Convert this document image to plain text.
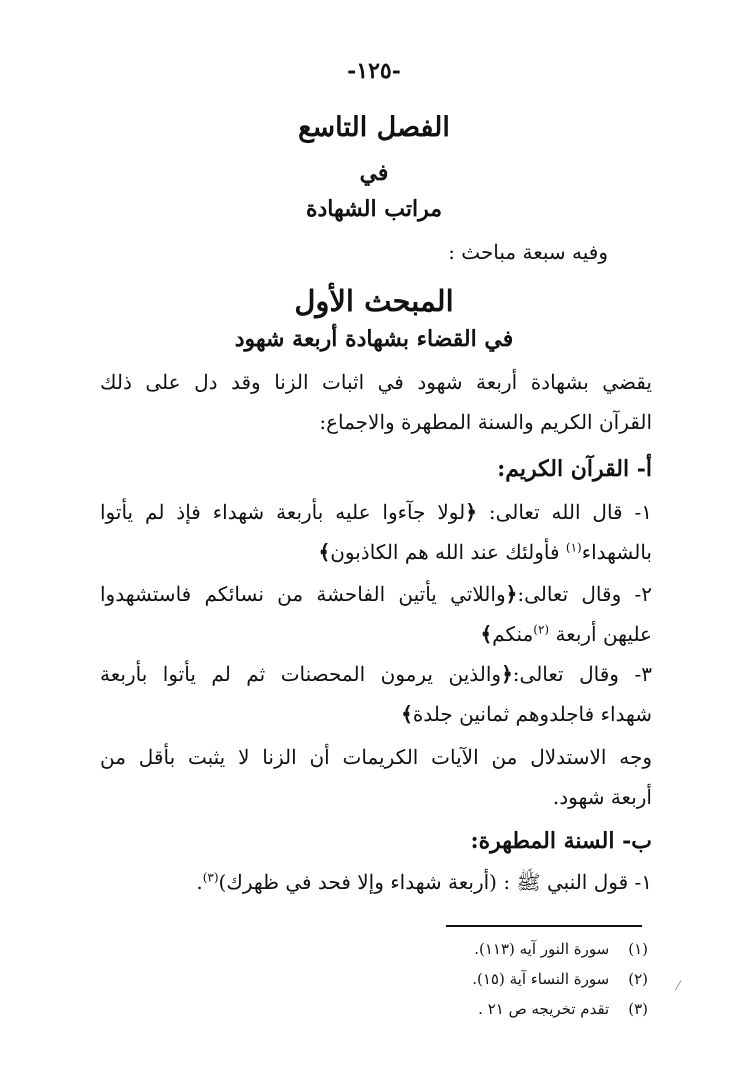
-١٢٥-
الفصل التاسع
في
مراتب الشهادة
وفيه سبعة مباحث :
المبحث الأول
في القضاء بشهادة أربعة شهود
يقضي بشهادة أربعة شهود في اثبات الزنا وقد دل على ذلك
القرآن الكريم والسنة المطهرة والاجماع:
أ- القرآن الكريم:
١- قال الله تعالى: ﴿لولا جآءوا عليه بأربعة شهداء فإذ لم يأتوا
بالشهداء$^{(١)}$ فأولئك عند الله هم الكاذبون﴾
٢- وقال تعالى:﴿واللاتي يأتين الفاحشة من نسائكم فاستشهدوا
عليهن أربعة $^{(٢)}$منكم﴾
٣- وقال تعالى:﴿والذين يرمون المحصنات ثم لم يأتوا بأربعة
شهداء فاجلدوهم ثمانين جلدة﴾
وجه الاستدلال من الآيات الكريمات أن الزنا لا يثبت بأقل من
أربعة شهود.
ب- السنة المطهرة:
١- قول النبي ﷺ : (أربعة شهداء وإلا فحد في ظهرك)$^{(٣)}$.
(١) سورة النور آيه (١١٣).
(٢) سورة النساء آية (١٥).
(٣) تقدم تخريجه ص ٢١ .
